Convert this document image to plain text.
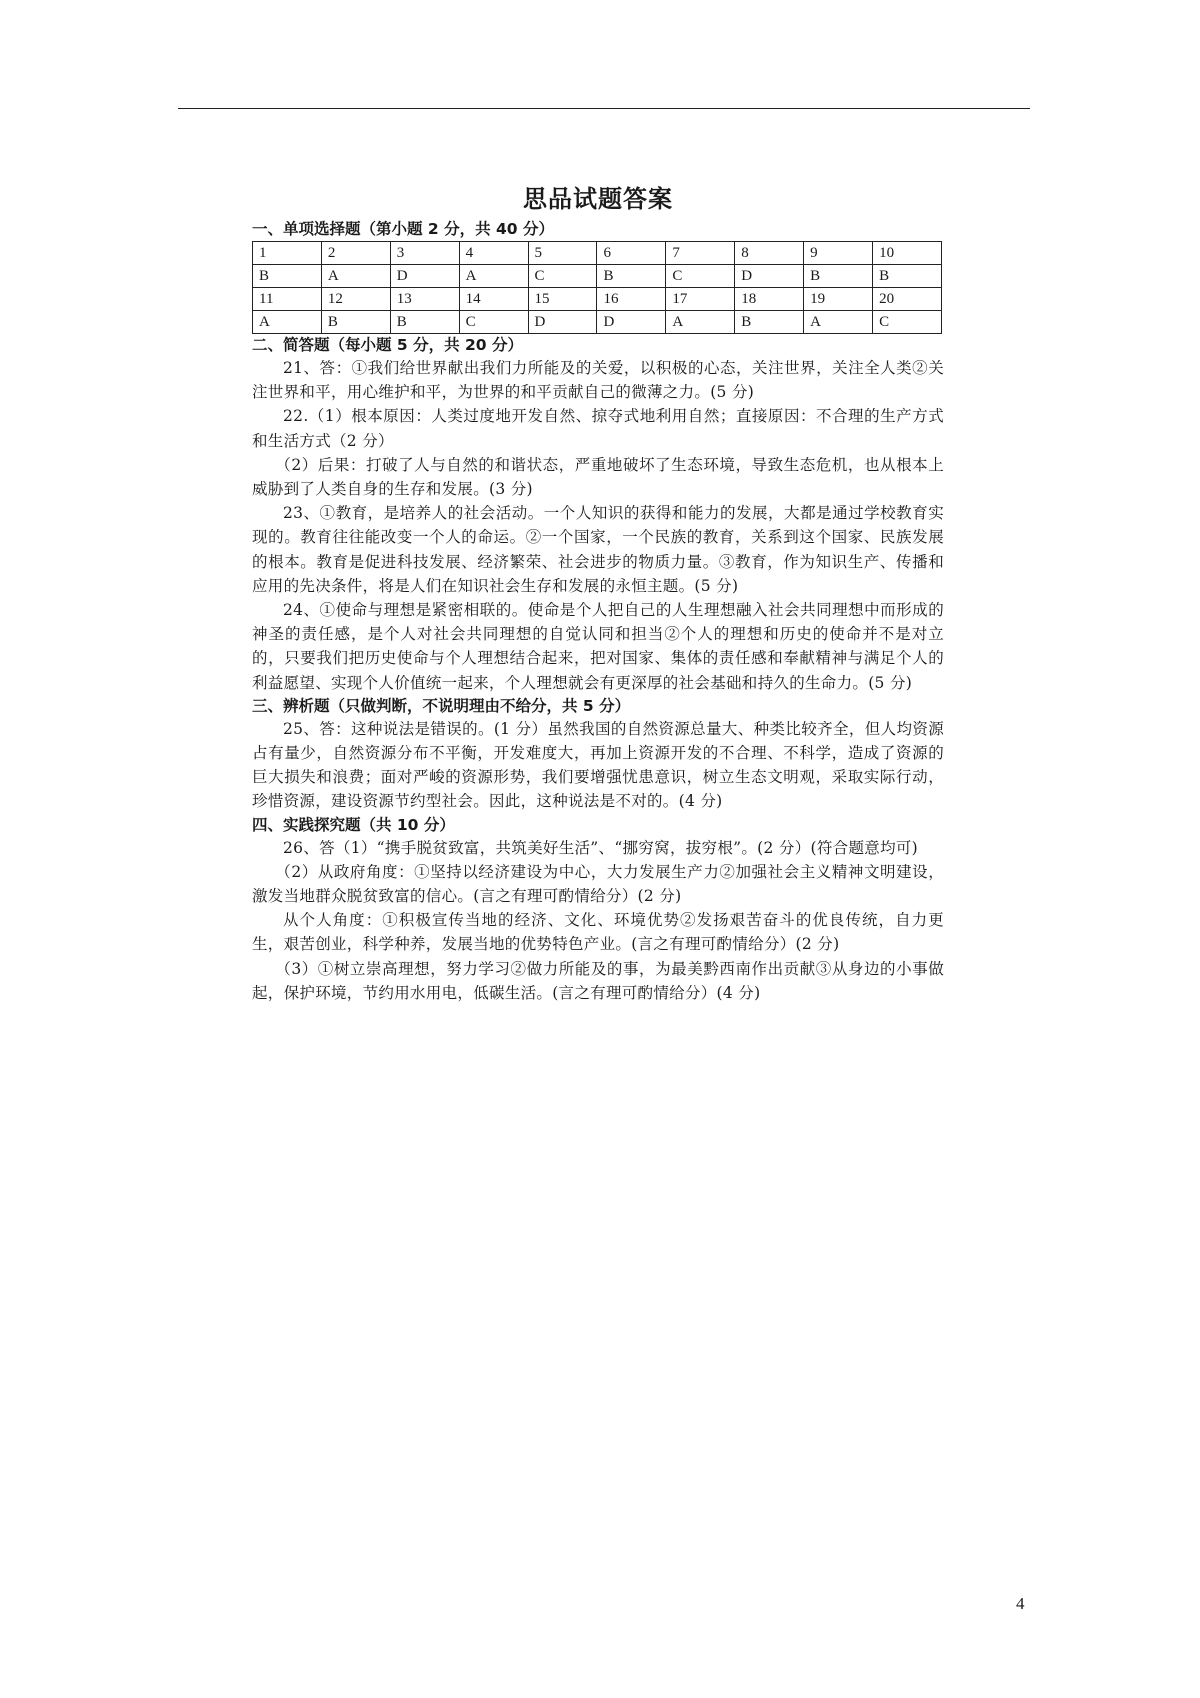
思品试题答案
一、单项选择题（第小题 2 分，共 40 分）
1	2	3	4	5	6	7	8	9	10
B	A	D	A	C	B	C	D	B	B
11	12	13	14	15	16	17	18	19	20
A	B	B	C	D	D	A	B	A	C
二、简答题（每小题 5 分，共 20 分）

21、答：①我们给世界献出我们力所能及的关爱，以积极的心态，关注世界，关注全人类②关注世界和平，用心维护和平，为世界的和平贡献自己的微薄之力。(5 分)

22.（1）根本原因：人类过度地开发自然、掠夺式地利用自然；直接原因：不合理的生产方式和生活方式（2 分）

（2）后果：打破了人与自然的和谐状态，严重地破坏了生态环境，导致生态危机，也从根本上威胁到了人类自身的生存和发展。(3 分)

23、①教育，是培养人的社会活动。一个人知识的获得和能力的发展，大都是通过学校教育实现的。教育往往能改变一个人的命运。②一个国家，一个民族的教育，关系到这个国家、民族发展的根本。教育是促进科技发展、经济繁荣、社会进步的物质力量。③教育，作为知识生产、传播和应用的先决条件，将是人们在知识社会生存和发展的永恒主题。(5 分)

24、①使命与理想是紧密相联的。使命是个人把自己的人生理想融入社会共同理想中而形成的神圣的责任感，是个人对社会共同理想的自觉认同和担当②个人的理想和历史的使命并不是对立的，只要我们把历史使命与个人理想结合起来，把对国家、集体的责任感和奉献精神与满足个人的利益愿望、实现个人价值统一起来，个人理想就会有更深厚的社会基础和持久的生命力。(5 分)

三、辨析题（只做判断，不说明理由不给分，共 5 分）

25、答：这种说法是错误的。(1 分）虽然我国的自然资源总量大、种类比较齐全，但人均资源占有量少，自然资源分布不平衡，开发难度大，再加上资源开发的不合理、不科学，造成了资源的巨大损失和浪费；面对严峻的资源形势，我们要增强忧患意识，树立生态文明观，采取实际行动，珍惜资源，建设资源节约型社会。因此，这种说法是不对的。(4 分)

四、实践探究题（共 10 分）

26、答（1）“携手脱贫致富，共筑美好生活”、“挪穷窝，拔穷根”。(2 分）(符合题意均可)

（2）从政府角度：①坚持以经济建设为中心，大力发展生产力②加强社会主义精神文明建设，激发当地群众脱贫致富的信心。(言之有理可酌情给分）(2 分)

从个人角度：①积极宣传当地的经济、文化、环境优势②发扬艰苦奋斗的优良传统，自力更生，艰苦创业，科学种养，发展当地的优势特色产业。(言之有理可酌情给分）(2 分)

（3）①树立崇高理想，努力学习②做力所能及的事，为最美黔西南作出贡献③从身边的小事做起，保护环境，节约用水用电，低碳生活。(言之有理可酌情给分）(4 分)

4
